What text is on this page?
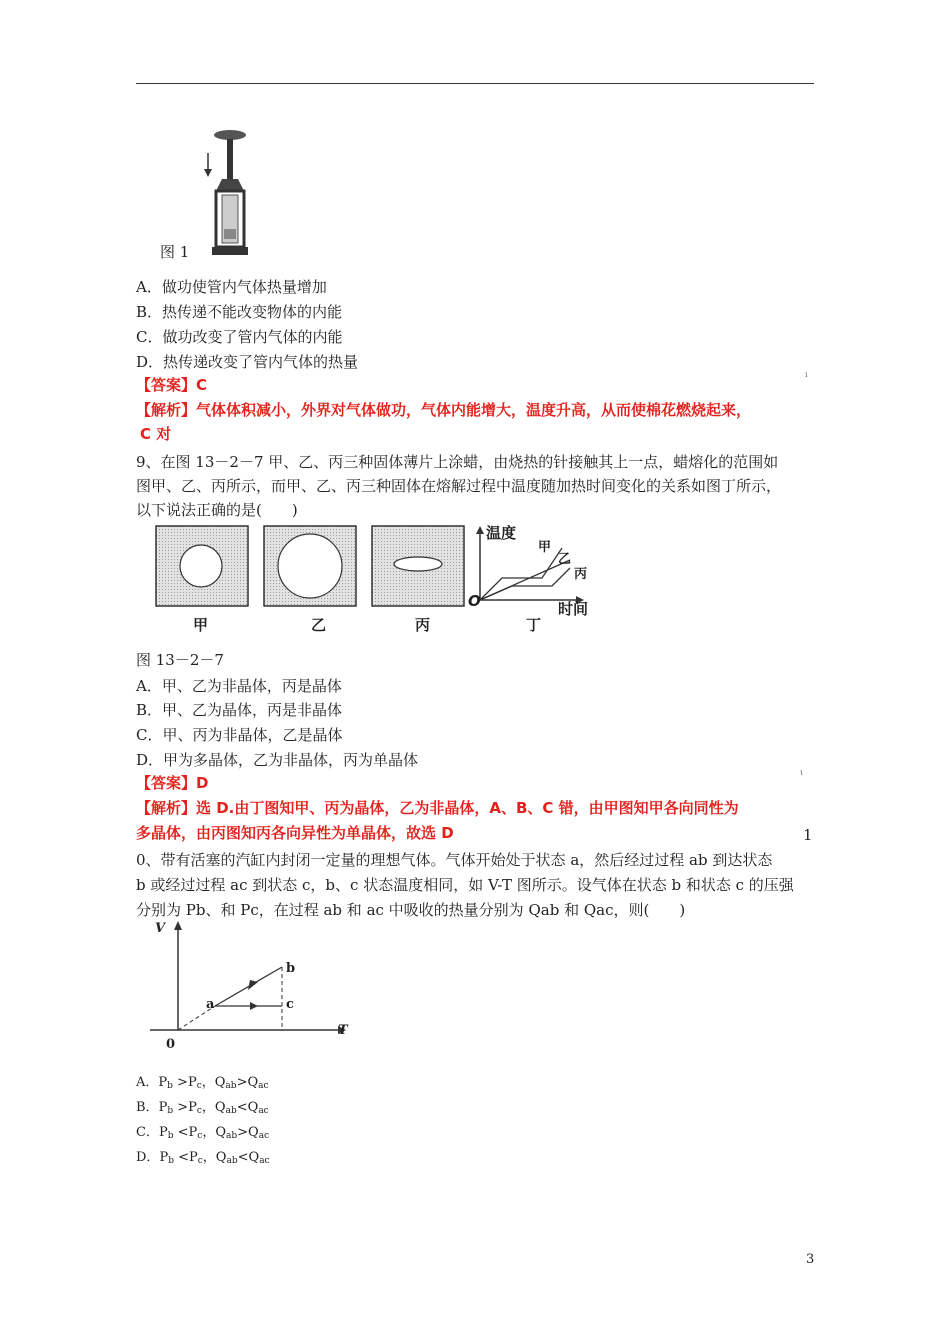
图 1
A．做功使管内气体热量增加
B．热传递不能改变物体的内能
C．做功改变了管内气体的内能
D．热传递改变了管内气体的热量
【答案】C
ı
【解析】气体体积减小，外界对气体做功，气体内能增大，温度升高，从而使棉花燃烧起来，
C 对
9、在图 13－2－7 甲、乙、丙三种固体薄片上涂蜡，由烧热的针接触其上一点，蜡熔化的范围如
图甲、乙、丙所示，而甲、乙、丙三种固体在熔解过程中温度随加热时间变化的关系如图丁所示，
以下说法正确的是(　　)
温度
时间
O
甲
乙
丙
甲	乙	丙	丁
图 13－2－7
A．甲、乙为非晶体，丙是晶体
B．甲、乙为晶体，丙是非晶体
C．甲、丙为非晶体，乙是晶体
D．甲为多晶体，乙为非晶体，丙为单晶体
【答案】D
ι
【解析】选 D.由丁图知甲、丙为晶体，乙为非晶体，A、B、C 错，由甲图知甲各向同性为
多晶体，由丙图知丙各向异性为单晶体，故选 D	1
0、带有活塞的汽缸内封闭一定量的理想气体。气体开始处于状态 a，然后经过过程 ab 到达状态
b 或经过过程 ac 到状态 c，b、c 状态温度相同，如 V-T 图所示。设气体在状态 b 和状态 c 的压强
分别为 Pb、和 Pc，在过程 ab 和 ac 中吸收的热量分别为 Qab 和 Qac，则(　　)
V
T
0
a
b
c
A．$P_b >P_c$，$Q_{ab}>Q_{ac}$
B．$P_b >P_c$，$Q_{ab}<Q_{ac}$
C．$P_b <P_c$，$Q_{ab}>Q_{ac}$
D．$P_b <P_c$，$Q_{ab}<Q_{ac}$
3
